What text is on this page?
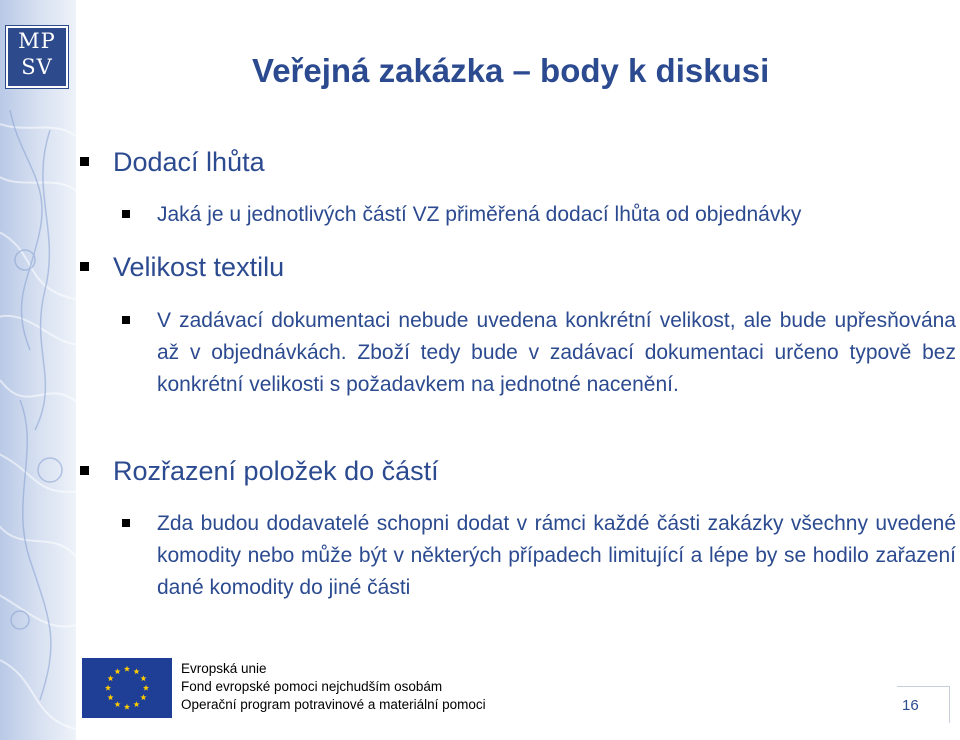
MP
SV	Veřejná zakázka – body k diskusi
Dodací lhůta
Jaká je u jednotlivých částí VZ přiměřená dodací lhůta od objednávky
Velikost textilu
V zadávací dokumentaci nebude uvedena konkrétní velikost, ale bude upřesňována až v objednávkách. Zboží tedy bude v zadávací dokumentaci určeno typově bez konkrétní velikosti s požadavkem na jednotné nacenění.
Rozřazení položek do částí
Zda budou dodavatelé schopni dodat v rámci každé části zakázky všechny uvedené komodity nebo může být v některých případech limitující a lépe by se hodilo zařazení dané komodity do jiné části
Evropská unie
Fond evropské pomoci nejchudším osobám
Operační program potravinové a materiální pomoci	16
